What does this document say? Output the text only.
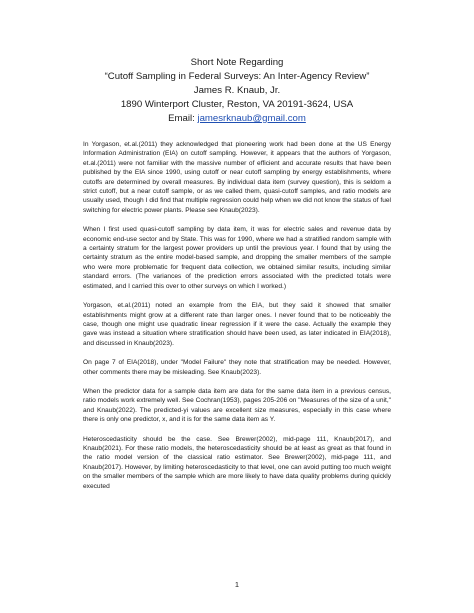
Short Note Regarding
“Cutoff Sampling in Federal Surveys: An Inter-Agency Review”
James R. Knaub, Jr.
1890 Winterport Cluster, Reston, VA 20191-3624, USA
Email: jamesrknaub@gmail.com

In Yorgason, et.al.(2011) they acknowledged that pioneering work had been done at the US Energy Information Administration (EIA) on cutoff sampling. However, it appears that the authors of Yorgason, et.al.(2011) were not familiar with the massive number of efficient and accurate results that have been published by the EIA since 1990, using cutoff or near cutoff sampling by energy establishments, where cutoffs are determined by overall measures. By individual data item (survey question), this is seldom a strict cutoff, but a near cutoff sample, or as we called them, quasi-cutoff samples, and ratio models are usually used, though I did find that multiple regression could help when we did not know the status of fuel switching for electric power plants. Please see Knaub(2023).

When I first used quasi-cutoff sampling by data item, it was for electric sales and revenue data by economic end-use sector and by State. This was for 1990, where we had a stratified random sample with a certainty stratum for the largest power providers up until the previous year. I found that by using the certainty stratum as the entire model-based sample, and dropping the smaller members of the sample who were more problematic for frequent data collection, we obtained similar results, including similar standard errors. (The variances of the prediction errors associated with the predicted totals were estimated, and I carried this over to other surveys on which I worked.)

Yorgason, et.al.(2011) noted an example from the EIA, but they said it showed that smaller establishments might grow at a different rate than larger ones. I never found that to be noticeably the case, though one might use quadratic linear regression if it were the case. Actually the example they gave was instead a situation where stratification should have been used, as later indicated in EIA(2018), and discussed in Knaub(2023).

On page 7 of EIA(2018), under "Model Failure" they note that stratification may be needed. However, other comments there may be misleading. See Knaub(2023).

When the predictor data for a sample data item are data for the same data item in a previous census, ratio models work extremely well. See Cochran(1953), pages 205-206 on "Measures of the size of a unit," and Knaub(2022). The predicted-yi values are excellent size measures, especially in this case where there is only one predictor, x, and it is for the same data item as Y.

Heteroscedasticity should be the case. See Brewer(2002), mid-page 111, Knaub(2017), and Knaub(2021). For these ratio models, the heteroscedasticity should be at least as great as that found in the ratio model version of the classical ratio estimator. See Brewer(2002), mid-page 111, and Knaub(2017). However, by limiting heteroscedasticity to that level, one can avoid putting too much weight on the smaller members of the sample which are more likely to have data quality problems during quickly executed

1
